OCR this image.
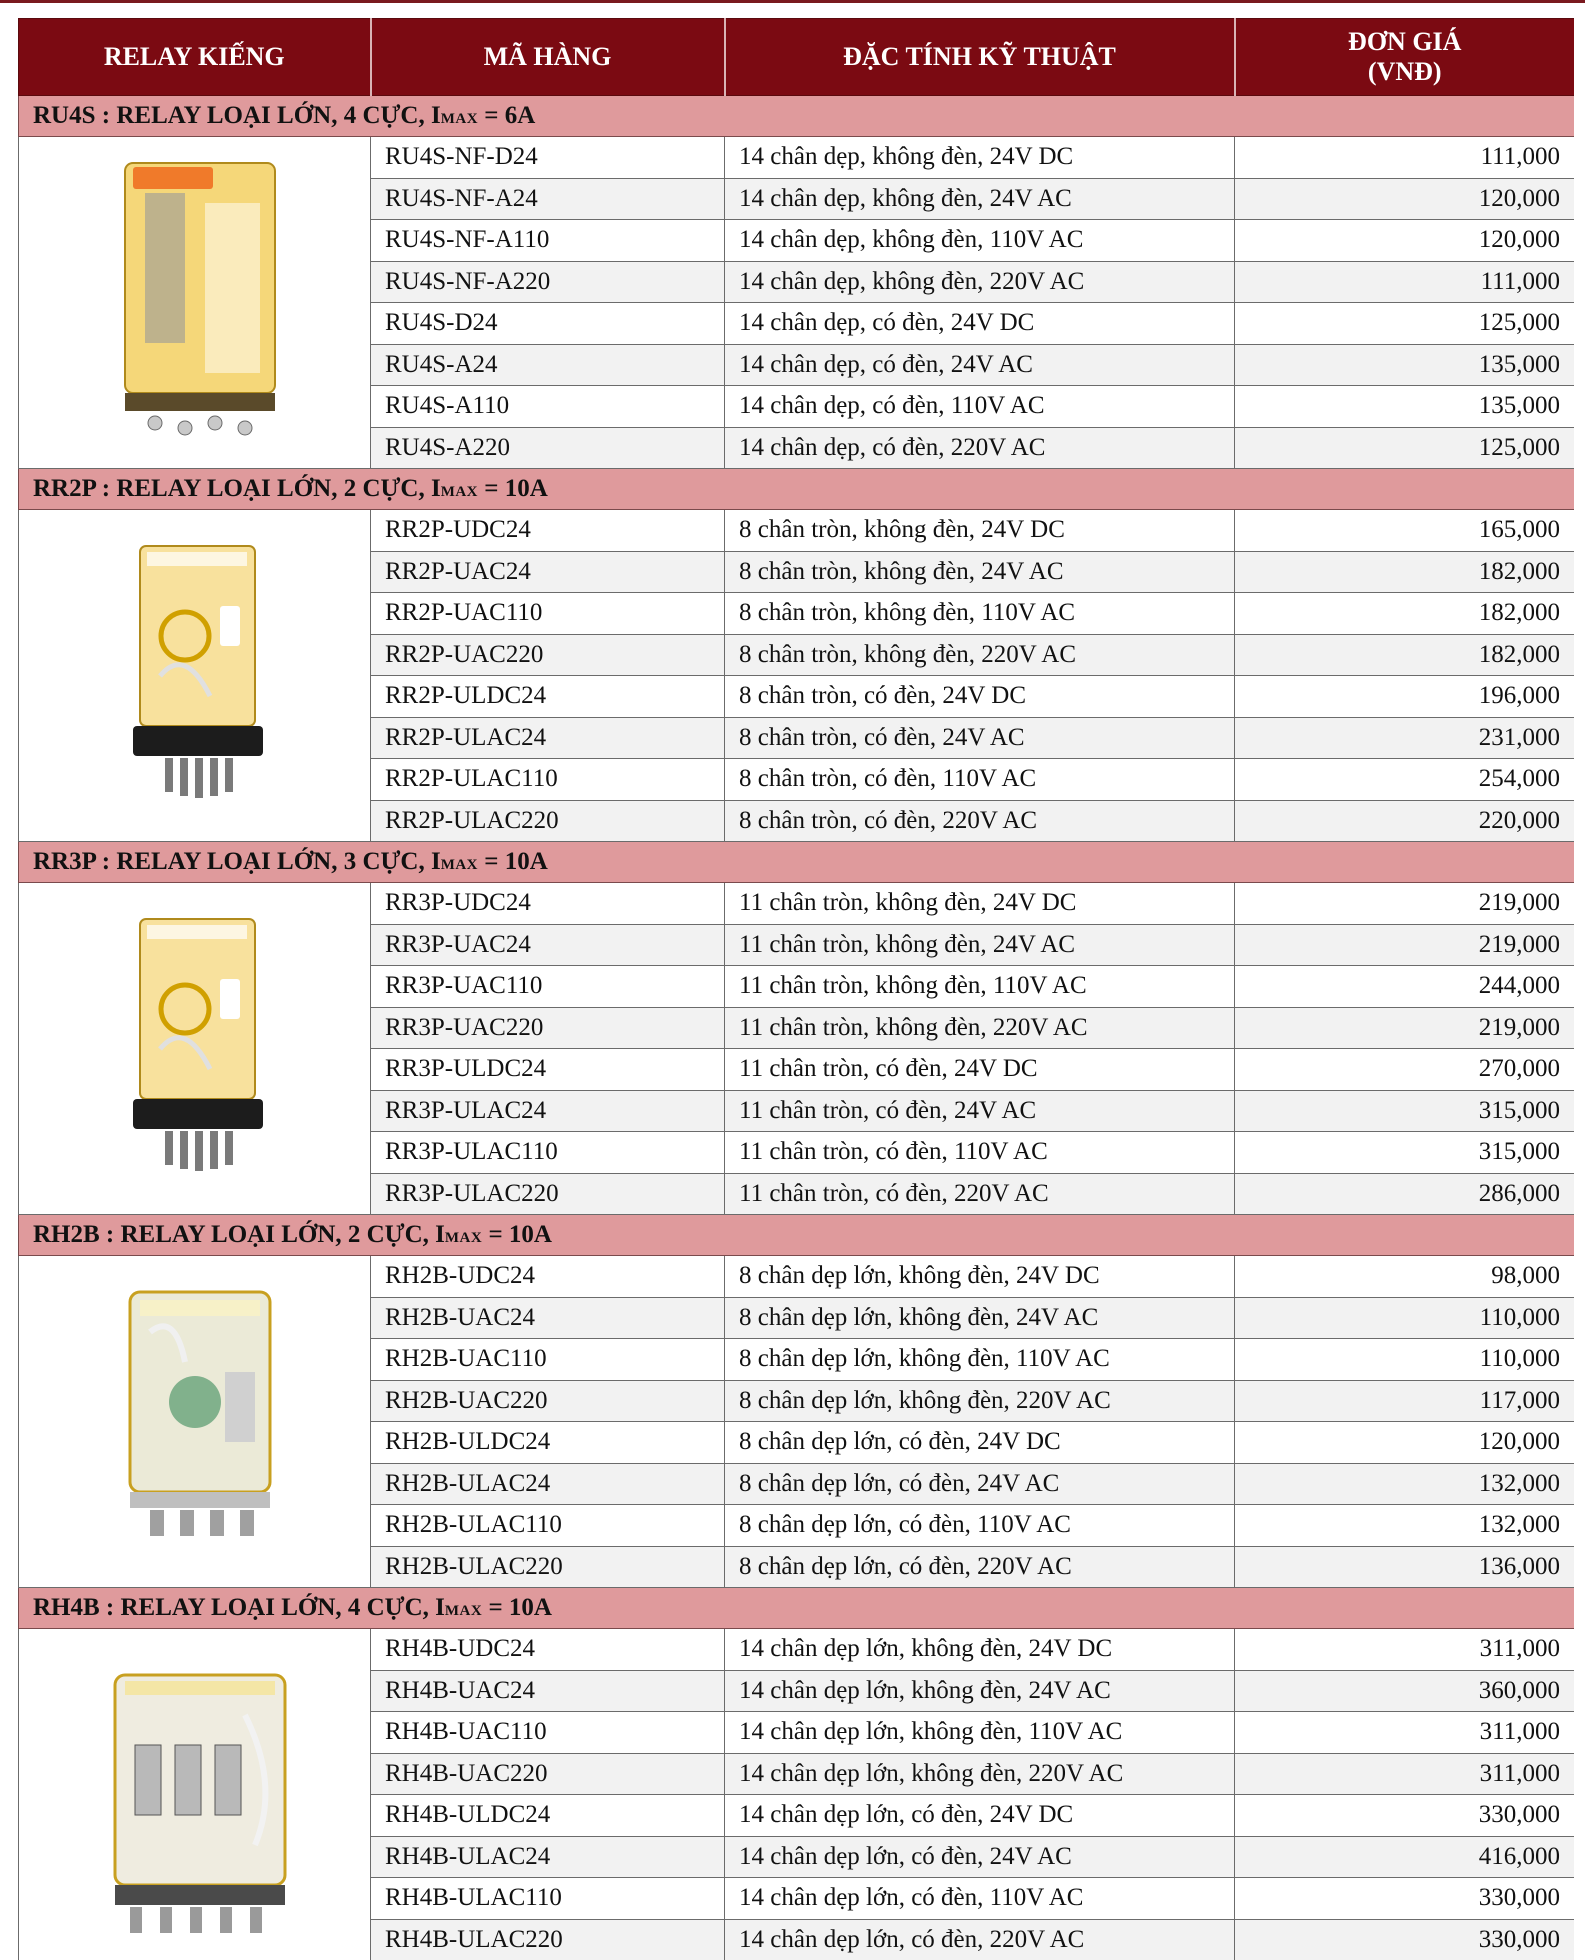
RELAY KIẾNG	MÃ HÀNG	ĐẶC TÍNH KỸ THUẬT	ĐƠN GIÁ
(VNĐ)

RU4S : RELAY LOẠI LỚN, 4 CỰC, IMAX = 6A			

	RU4S-NF-D24	14 chân dẹp, không đèn, 24V DC	111,000
	RU4S-NF-A24	14 chân dẹp, không đèn, 24V AC	120,000
	RU4S-NF-A110	14 chân dẹp, không đèn, 110V AC	120,000
	RU4S-NF-A220	14 chân dẹp, không đèn, 220V AC	111,000
	RU4S-D24	14 chân dẹp, có đèn, 24V DC	125,000
	RU4S-A24	14 chân dẹp, có đèn, 24V AC	135,000
	RU4S-A110	14 chân dẹp, có đèn, 110V AC	135,000
	RU4S-A220	14 chân dẹp, có đèn, 220V AC	125,000
RR2P : RELAY LOẠI LỚN, 2 CỰC, IMAX = 10A			

	RR2P-UDC24	8 chân tròn, không đèn, 24V DC	165,000
	RR2P-UAC24	8 chân tròn, không đèn, 24V AC	182,000
	RR2P-UAC110	8 chân tròn, không đèn, 110V AC	182,000
	RR2P-UAC220	8 chân tròn, không đèn, 220V AC	182,000
	RR2P-ULDC24	8 chân tròn, có đèn, 24V DC	196,000
	RR2P-ULAC24	8 chân tròn, có đèn, 24V AC	231,000
	RR2P-ULAC110	8 chân tròn, có đèn, 110V AC	254,000
	RR2P-ULAC220	8 chân tròn, có đèn, 220V AC	220,000
RR3P : RELAY LOẠI LỚN, 3 CỰC, IMAX = 10A			

	RR3P-UDC24	11 chân tròn, không đèn, 24V DC	219,000
	RR3P-UAC24	11 chân tròn, không đèn, 24V AC	219,000
	RR3P-UAC110	11 chân tròn, không đèn, 110V AC	244,000
	RR3P-UAC220	11 chân tròn, không đèn, 220V AC	219,000
	RR3P-ULDC24	11 chân tròn, có đèn, 24V DC	270,000
	RR3P-ULAC24	11 chân tròn, có đèn, 24V AC	315,000
	RR3P-ULAC110	11 chân tròn, có đèn, 110V AC	315,000
	RR3P-ULAC220	11 chân tròn, có đèn, 220V AC	286,000
RH2B : RELAY LOẠI LỚN, 2 CỰC, IMAX = 10A			

	RH2B-UDC24	8 chân dẹp lớn, không đèn, 24V DC	98,000
	RH2B-UAC24	8 chân dẹp lớn, không đèn, 24V AC	110,000
	RH2B-UAC110	8 chân dẹp lớn, không đèn, 110V AC	110,000
	RH2B-UAC220	8 chân dẹp lớn, không đèn, 220V AC	117,000
	RH2B-ULDC24	8 chân dẹp lớn, có đèn, 24V DC	120,000
	RH2B-ULAC24	8 chân dẹp lớn, có đèn, 24V AC	132,000
	RH2B-ULAC110	8 chân dẹp lớn, có đèn, 110V AC	132,000
	RH2B-ULAC220	8 chân dẹp lớn, có đèn, 220V AC	136,000
RH4B : RELAY LOẠI LỚN, 4 CỰC, IMAX = 10A			

	RH4B-UDC24	14 chân dẹp lớn, không đèn, 24V DC	311,000
	RH4B-UAC24	14 chân dẹp lớn, không đèn, 24V AC	360,000
	RH4B-UAC110	14 chân dẹp lớn, không đèn, 110V AC	311,000
	RH4B-UAC220	14 chân dẹp lớn, không đèn, 220V AC	311,000
	RH4B-ULDC24	14 chân dẹp lớn, có đèn, 24V DC	330,000
	RH4B-ULAC24	14 chân dẹp lớn, có đèn, 24V AC	416,000
	RH4B-ULAC110	14 chân dẹp lớn, có đèn, 110V AC	330,000
	RH4B-ULAC220	14 chân dẹp lớn, có đèn, 220V AC	330,000
